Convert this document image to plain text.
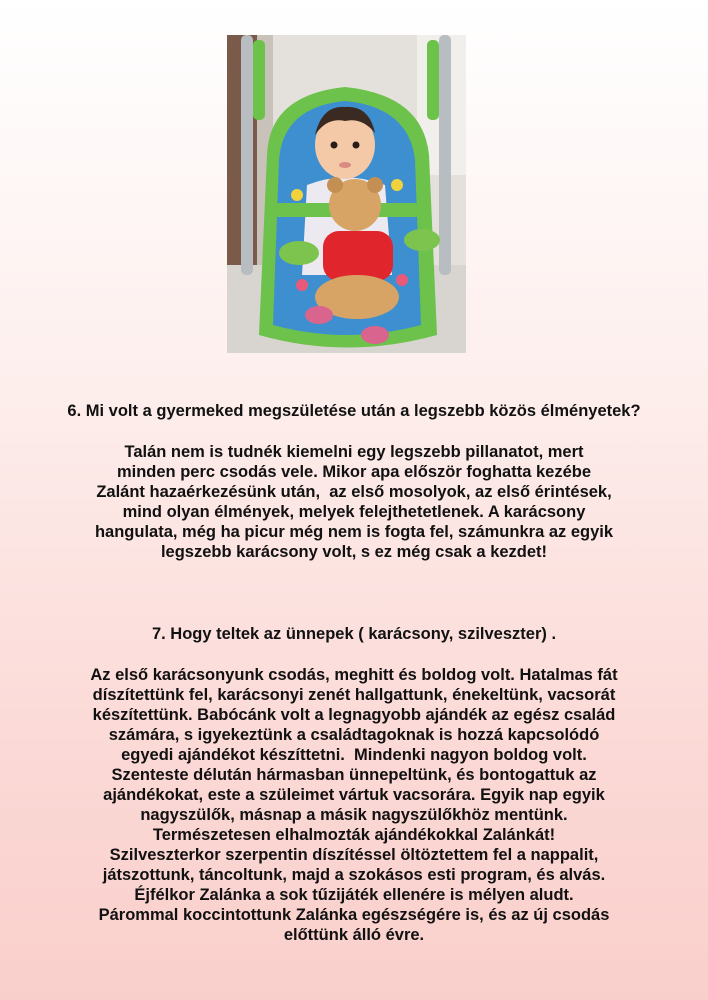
6. Mi volt a gyermeked megszületése után a legszebb közös élményetek?
Talán nem is tudnék kiemelni egy legszebb pillanatot, mert
minden perc csodás vele. Mikor apa először foghatta kezébe
Zalánt hazaérkezésünk után,  az első mosolyok, az első érintések,
mind olyan élmények, melyek felejthetetlenek. A karácsony
hangulata, még ha picur még nem is fogta fel, számunkra az egyik
legszebb karácsony volt, s ez még csak a kezdet!
7. Hogy teltek az ünnepek ( karácsony, szilveszter) .
Az első karácsonyunk csodás, meghitt és boldog volt. Hatalmas fát
díszítettünk fel, karácsonyi zenét hallgattunk, énekeltünk, vacsorát
készítettünk. Babócánk volt a legnagyobb ajándék az egész család
számára, s igyekeztünk a családtagoknak is hozzá kapcsolódó
egyedi ajándékot készíttetni.  Mindenki nagyon boldog volt.
Szenteste délután hármasban ünnepeltünk, és bontogattuk az
ajándékokat, este a szüleimet vártuk vacsorára. Egyik nap egyik
nagyszülők, másnap a másik nagyszülőkhöz mentünk.
Természetesen elhalmozták ajándékokkal Zalánkát!
Szilveszterkor szerpentin díszítéssel öltöztettem fel a nappalit,
játszottunk, táncoltunk, majd a szokásos esti program, és alvás.
Éjfélkor Zalánka a sok tűzijáték ellenére is mélyen aludt.
Párommal koccintottunk Zalánka egészségére is, és az új csodás
előttünk álló évre.
